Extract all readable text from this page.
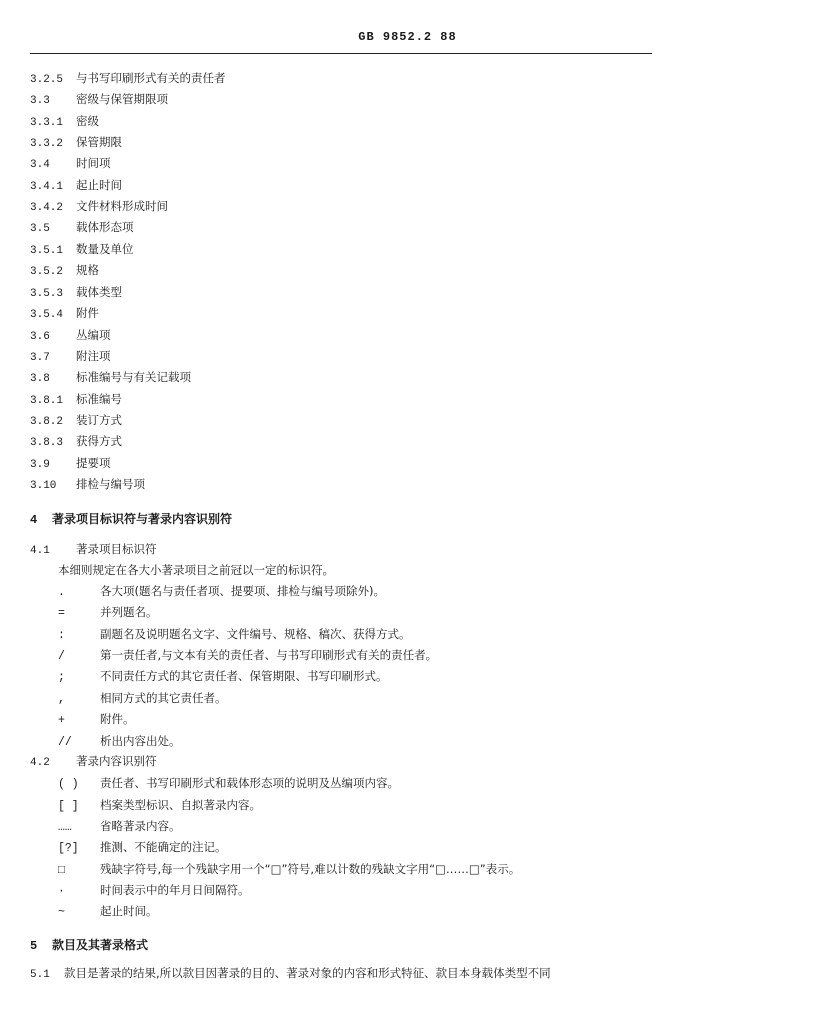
GB 9852.2 88
3.2.5 与书写印刷形式有关的责任者
3.3 密级与保管期限项
3.3.1 密级
3.3.2 保管期限
3.4 时间项
3.4.1 起止时间
3.4.2 文件材料形成时间
3.5 载体形态项
3.5.1 数量及单位
3.5.2 规格
3.5.3 载体类型
3.5.4 附件
3.6 丛编项
3.7 附注项
3.8 标准编号与有关记载项
3.8.1 标准编号
3.8.2 装订方式
3.8.3 获得方式
3.9 提要项
3.10 排检与编号项
4 著录项目标识符与著录内容识别符
4.1 著录项目标识符
本细则规定在各大小著录项目之前冠以一定的标识符。
.	各大项(题名与责任者项、提要项、排检与编号项除外)。
=	并列题名。
:	副题名及说明题名文字、文件编号、规格、稿次、获得方式。
/	第一责任者,与文本有关的责任者、与书写印刷形式有关的责任者。
;	不同责任方式的其它责任者、保管期限、书写印刷形式。
,	相同方式的其它责任者。
+	附件。
// 析出内容出处。
4.2 著录内容识别符
( ) 责任者、书写印刷形式和载体形态项的说明及丛编项内容。
[ ] 档案类型标识、自拟著录内容。
…… 省略著录内容。
[?] 推测、不能确定的注记。
□	残缺字符号,每一个残缺字用一个“□”符号,难以计数的残缺文字用“□……□”表示。
·	时间表示中的年月日间隔符。
~	起止时间。
5 款目及其著录格式
5.1 款目是著录的结果,所以款目因著录的目的、著录对象的内容和形式特征、款目本身载体类型不同
